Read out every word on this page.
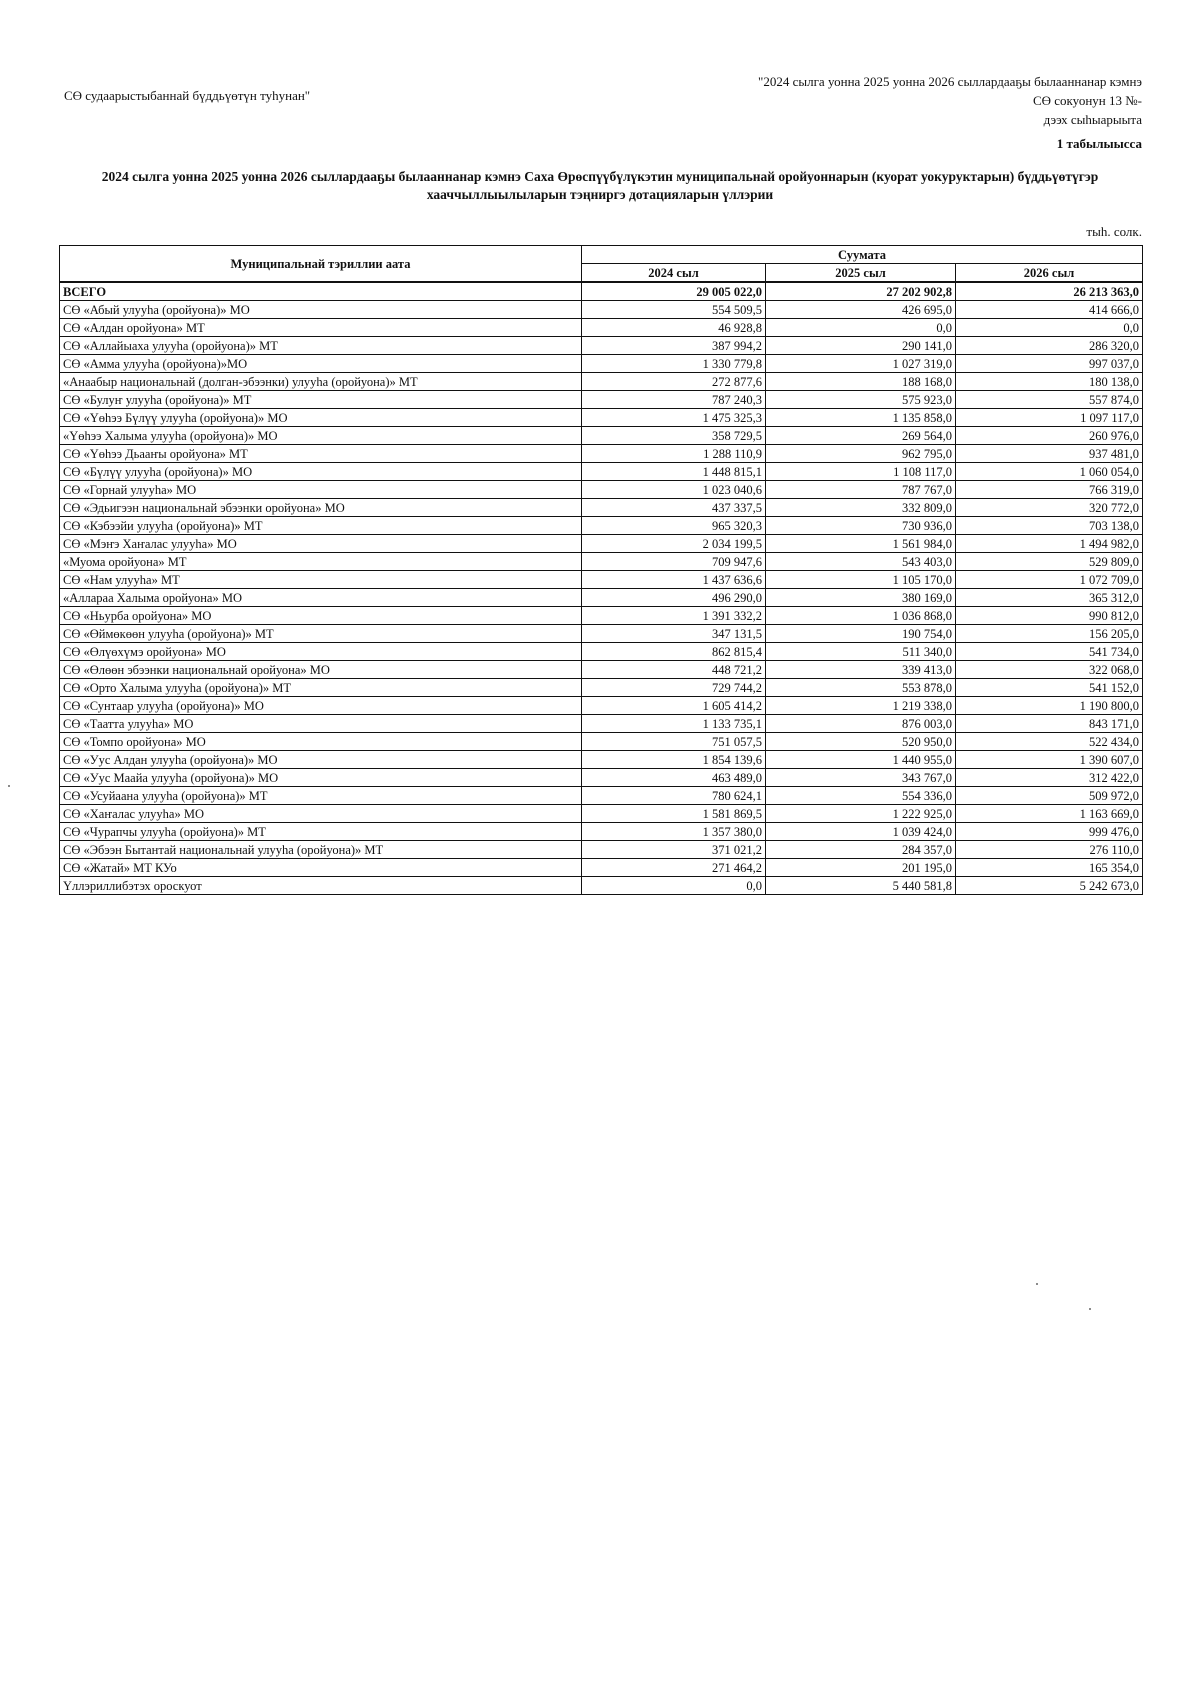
СӨ судаарыстыбаннай бүддьүөтүн туһунан"
"2024 сылга уонна 2025 уонна 2026 сыллардааҕы былааннанар кэмнэ
СӨ сокуонун 13 №-
дээх сыһыарыыта
1 табылыысса
2024 сылга уонна 2025 уонна 2026 сыллардааҕы былааннанар кэмнэ Саха Өрөспүүбүлүкэтин муниципальнай оройуоннарын (куорат уокуруктарын) бүддьүөтүгэр хааччыллыылыларын тэңниргэ дотацияларын үллэрии
тыһ. солк.
Муниципальнай тэриллии аата	Суумата		
	2024 сыл	2025 сыл	2026 сыл
ВСЕГО	29 005 022,0	27 202 902,8	26 213 363,0
СӨ «Абый улууһа (оройуона)» МО	554 509,5	426 695,0	414 666,0
СӨ «Алдан оройуона» МТ	46 928,8	0,0	0,0
СӨ «Аллайыаха улууһа (оройуона)» МТ	387 994,2	290 141,0	286 320,0
СӨ «Амма улууһа (оройуона)»МО	1 330 779,8	1 027 319,0	997 037,0
«Анаабыр национальнай (долган-эбээнки) улууһа (оройуона)» МТ	272 877,6	188 168,0	180 138,0
СӨ «Булуҥ улууһа (оройуона)» МТ	787 240,3	575 923,0	557 874,0
СӨ «Үөһээ Бүлүү улууһа (оройуона)» МО	1 475 325,3	1 135 858,0	1 097 117,0
«Үөһээ Халыма улууһа (оройуона)» МО	358 729,5	269 564,0	260 976,0
СӨ «Үөһээ Дьааҥы оройуона» МТ	1 288 110,9	962 795,0	937 481,0
СӨ «Бүлүү улууһа (оройуона)» МО	1 448 815,1	1 108 117,0	1 060 054,0
СӨ «Горнай улууһа» МО	1 023 040,6	787 767,0	766 319,0
СӨ «Эдьигээн национальнай эбээнки оройуона» МО	437 337,5	332 809,0	320 772,0
СӨ «Кэбээйи улууһа (оройуона)» МТ	965 320,3	730 936,0	703 138,0
СӨ «Мэҥэ Хаҥалас улууһа» МО	2 034 199,5	1 561 984,0	1 494 982,0
«Муома оройуона» МТ	709 947,6	543 403,0	529 809,0
СӨ «Нам улууһа» МТ	1 437 636,6	1 105 170,0	1 072 709,0
«Аллараа Халыма оройуона» МО	496 290,0	380 169,0	365 312,0
СӨ «Ньурба оройуона» МО	1 391 332,2	1 036 868,0	990 812,0
СӨ «Өймөкөөн улууһа (оройуона)» МТ	347 131,5	190 754,0	156 205,0
СӨ «Өлүөхүмэ оройуона» МО	862 815,4	511 340,0	541 734,0
СӨ «Өлөөн эбээнки национальнай оройуона» МО	448 721,2	339 413,0	322 068,0
СӨ «Орто Халыма улууһа (оройуона)» МТ	729 744,2	553 878,0	541 152,0
СӨ «Сунтаар улууһа (оройуона)» МО	1 605 414,2	1 219 338,0	1 190 800,0
СӨ «Таатта улууһа» МО	1 133 735,1	876 003,0	843 171,0
СӨ «Томпо оройуона» МО	751 057,5	520 950,0	522 434,0
СӨ «Уус Алдан улууһа (оройуона)» МО	1 854 139,6	1 440 955,0	1 390 607,0
СӨ «Уус Маайа улууһа (оройуона)» МО	463 489,0	343 767,0	312 422,0
СӨ «Усуйаана улууһа (оройуона)» МТ	780 624,1	554 336,0	509 972,0
СӨ «Хаҥалас улууһа» МО	1 581 869,5	1 222 925,0	1 163 669,0
СӨ «Чурапчы улууһа (оройуона)» МТ	1 357 380,0	1 039 424,0	999 476,0
СӨ «Эбээн Бытантай национальнай улууһа (оройуона)» МТ	371 021,2	284 357,0	276 110,0
СӨ «Жатай» МТ КУо	271 464,2	201 195,0	165 354,0
Үллэриллибэтэх ороскуот	0,0	5 440 581,8	5 242 673,0
